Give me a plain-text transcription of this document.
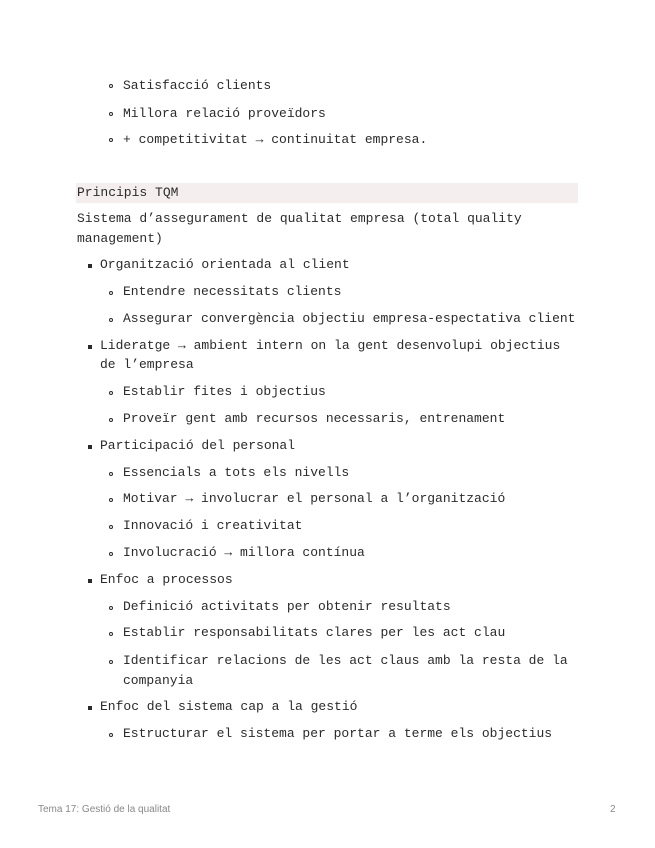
Satisfacció clients
Millora relació proveïdors
+ competitivitat → continuitat empresa.
Principis TQM
Sistema d’assegurament de qualitat empresa (total quality
management)
Organització orientada al client
Entendre necessitats clients
Assegurar convergència objectiu empresa-espectativa client
Lideratge → ambient intern on la gent desenvolupi objectius
de l’empresa
Establir fites i objectius
Proveïr gent amb recursos necessaris, entrenament
Participació del personal
Essencials a tots els nivells
Motivar → involucrar el personal a l’organització
Innovació i creativitat
Involucració → millora contínua
Enfoc a processos
Definició activitats per obtenir resultats
Establir responsabilitats clares per les act clau
Identificar relacions de les act claus amb la resta de la
companyia
Enfoc del sistema cap a la gestió
Estructurar el sistema per portar a terme els objectius
Tema 17: Gestió de la qualitat	2
